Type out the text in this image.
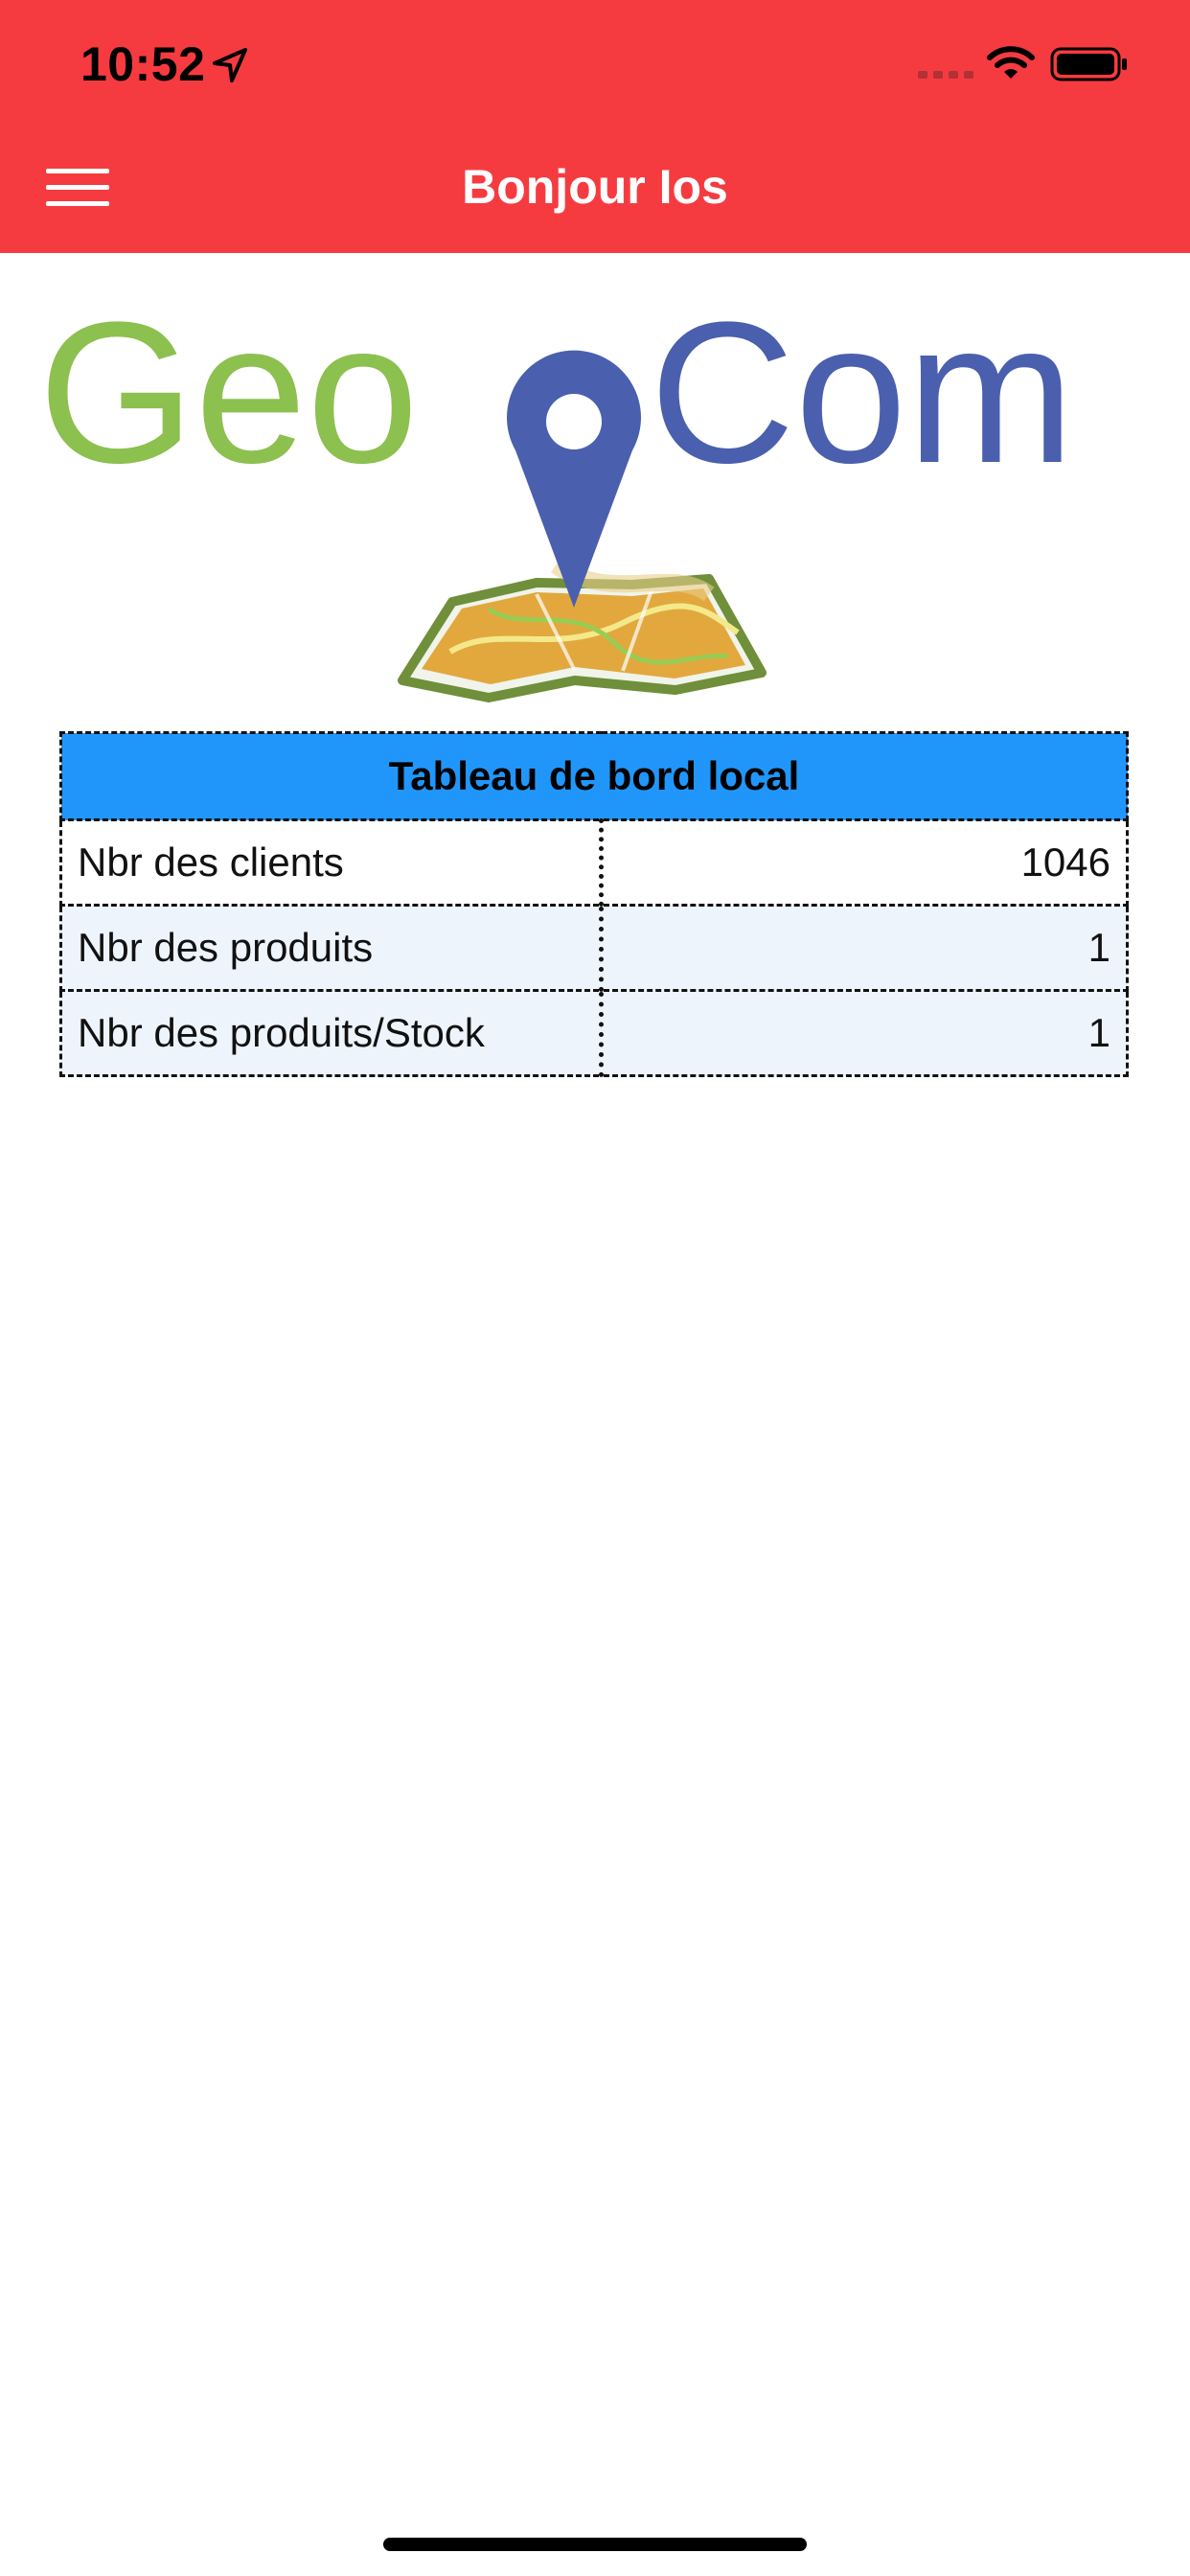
10:52
Bonjour Ios
Geo Com
Tableau de bord local	
Nbr des clients	1046
Nbr des produits	1
Nbr des produits/Stock	1
